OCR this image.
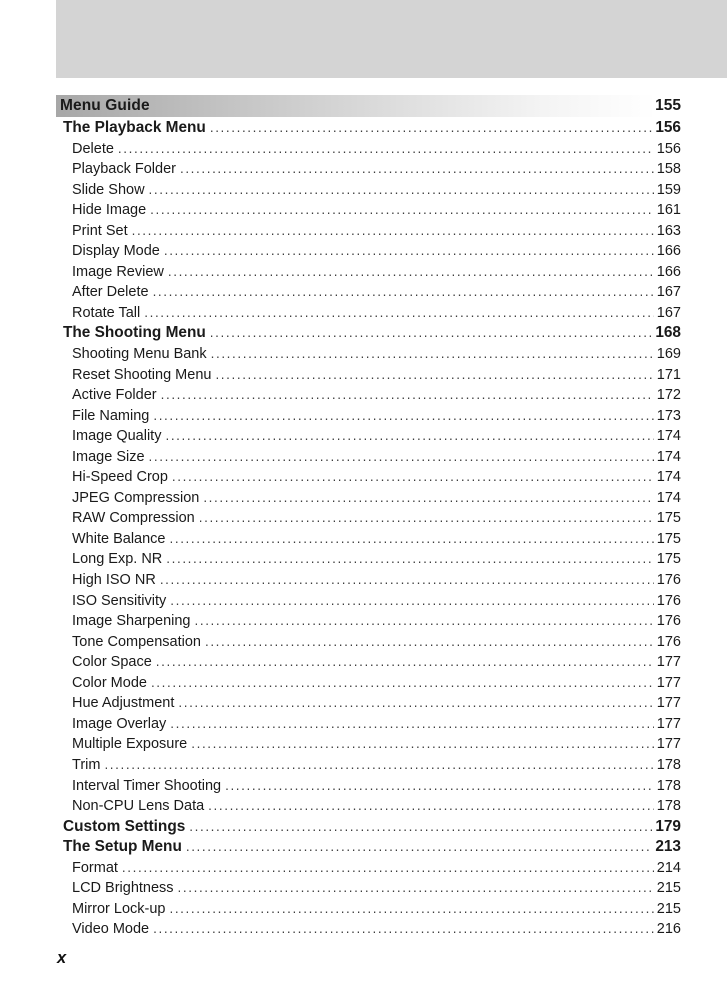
Menu Guide	155
The Playback Menu .....	156
Delete .....	156
Playback Folder .....	158
Slide Show .....	159
Hide Image .....	161
Print Set .....	163
Display Mode .....	166
Image Review .....	166
After Delete .....	167
Rotate Tall .....	167
The Shooting Menu .....	168
Shooting Menu Bank .....	169
Reset Shooting Menu .....	171
Active Folder .....	172
File Naming .....	173
Image Quality .....	174
Image Size .....	174
Hi-Speed Crop .....	174
JPEG Compression .....	174
RAW Compression .....	175
White Balance .....	175
Long Exp. NR .....	175
High ISO NR .....	176
ISO Sensitivity .....	176
Image Sharpening .....	176
Tone Compensation .....	176
Color Space .....	177
Color Mode .....	177
Hue Adjustment .....	177
Image Overlay .....	177
Multiple Exposure .....	177
Trim .....	178
Interval Timer Shooting .....	178
Non-CPU Lens Data .....	178
Custom Settings .....	179
The Setup Menu .....	213
Format .....	214
LCD Brightness .....	215
Mirror Lock-up .....	215
Video Mode .....	216
x
